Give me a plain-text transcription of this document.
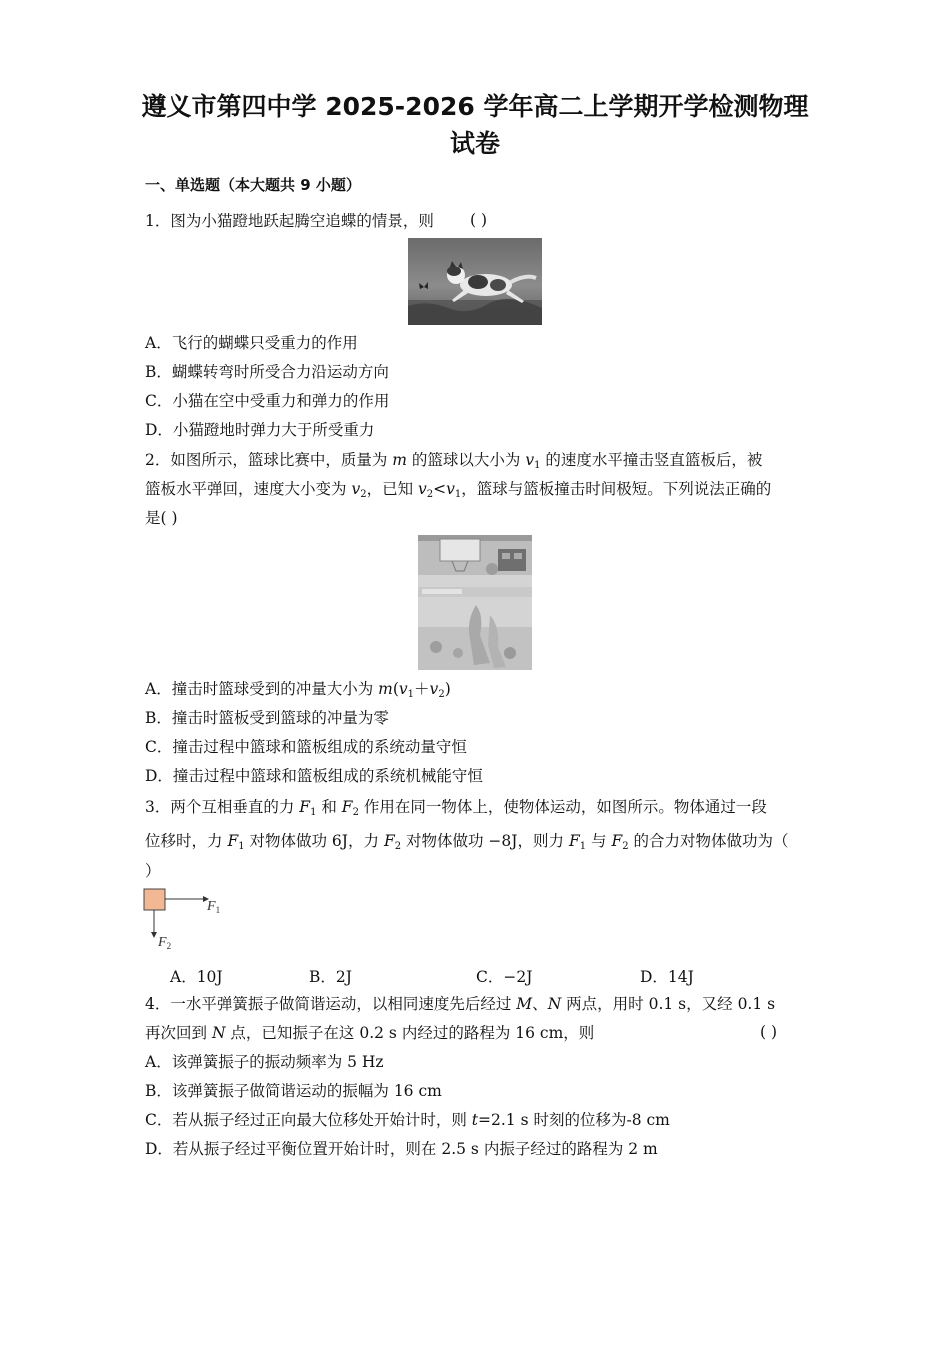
遵义市第四中学 2025-2026 学年高二上学期开学检测物理
试卷
一、单选题（本大题共 9 小题）
1．图为小猫蹬地跃起腾空追蝶的情景，则 ( )
A．飞行的蝴蝶只受重力的作用
B．蝴蝶转弯时所受合力沿运动方向
C．小猫在空中受重力和弹力的作用
D．小猫蹬地时弹力大于所受重力
2．如图所示，篮球比赛中，质量为 m 的篮球以大小为 $v_1$ 的速度水平撞击竖直篮板后，被
篮板水平弹回，速度大小变为 $v_2$，已知 $v_2<v_1$，篮球与篮板撞击时间极短。下列说法正确的
是( )
A．撞击时篮球受到的冲量大小为 $m(v_1+v_2)$
B．撞击时篮板受到篮球的冲量为零
C．撞击过程中篮球和篮板组成的系统动量守恒
D．撞击过程中篮球和篮板组成的系统机械能守恒
3．两个互相垂直的力 $F_1$ 和 $F_2$ 作用在同一物体上，使物体运动，如图所示。物体通过一段
位移时，力 $F_1$ 对物体做功 6J，力 $F_2$ 对物体做功 −8J，则力 $F_1$ 与 $F_2$ 的合力对物体做功为（
）
$F_1$
$F_2$
A．10J	B．2J	C．−2J	D．14J
4．一水平弹簧振子做简谐运动，以相同速度先后经过 M、N 两点，用时 0.1 s，又经 0.1 s
再次回到 N 点，已知振子在这 0.2 s 内经过的路程为 16 cm，则	( )
A．该弹簧振子的振动频率为 5 Hz
B．该弹簧振子做简谐运动的振幅为 16 cm
C．若从振子经过正向最大位移处开始计时，则 t=2.1 s 时刻的位移为-8 cm
D．若从振子经过平衡位置开始计时，则在 2.5 s 内振子经过的路程为 2 m
